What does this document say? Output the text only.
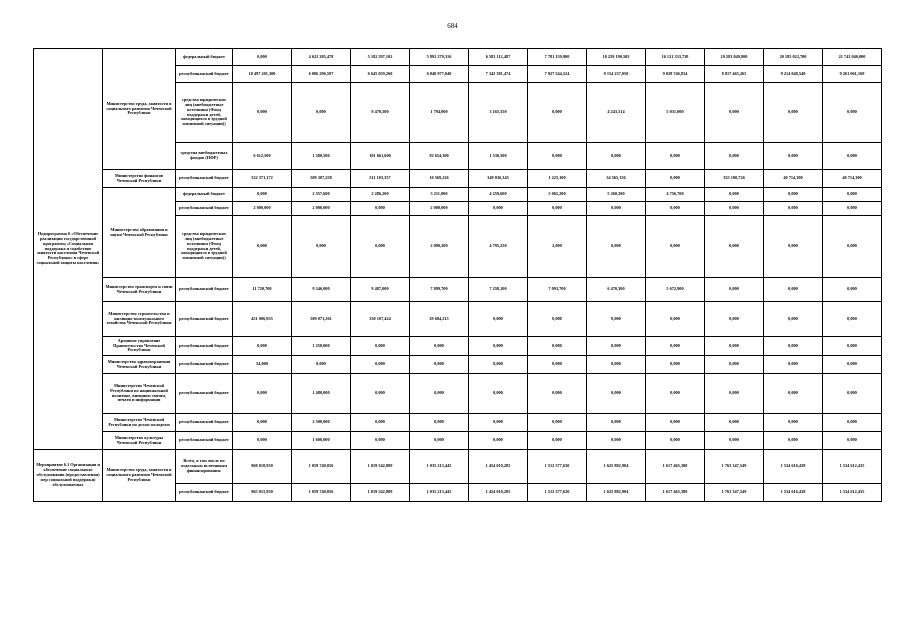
684
Подпрограмма 6 «Обеспечение реализации государственной программы «Социальная поддержка и содействие занятости населения Чеченской Республики» в сфере социальной защиты населения»	Министерство труда, занятости и социального развития Чеченской Республики	федеральный бюджет	0,000	4 622 205,478	5 182 597,102	5 892 279,316	6 583 112,487	7 781 159,900	10 259 190,505	16 121 333,738	19 283 049,800	20 185 023,700	21 743 040,000
		республиканский бюджет	10 497 201,300	6 006 296,597	6 645 059,260	6 040 977,040	7 342 381,474	7 927 544,524	9 154 237,050	9 029 746,834	8 817 465,265	9 214 048,540	9 261 061,169
		средства юридических лиц (внебюджетные источники (Фонд поддержки детей, находящихся в трудной жизненной ситуации))	0,000	0,000	0 470,500	1 794,000	3 165,350	0,000	4 243,314	5 031,000	0,000	0,000	0,000
		средства внебюджетных фондов (ПФР)	6 612,500	1 580,500	101 661,600	92 654,300	1 530,500	0,000	0,000	0,000	0,000	0,000	0,000
	Министерство финансов Чеченской Республики	республиканский бюджет	522 371,172	509 307,258	511 103,357	10 569,226	349 036,345	1 223,100	34 565,156	0,000	355 100,726	40 714,300	40 714,300
	Министерство образования и науки Чеченской Республики	федеральный бюджет	0,000	2 557,600	2 286,200	5 211,000	4 259,600	5 065,200	5 260,200	4 756,700	0,000	0,000	0,000
		республиканский бюджет	2 000,000	2 000,000	0,000	2 000,000	0,000	0,000	0,000	0,000	0,000	0,000	0,000
		средства юридических лиц (внебюджетные источники (Фонд поддержки детей, находящихся в трудной жизненной ситуации))	0,000	0,000	0,000	2 090,200	4 795,250	2,000	0,000	0,000	0,000	0,000	0,000
	Министерство транспорта и связи Чеченской Республики	республиканский бюджет	11 720,700	9 346,000	9 487,000	7 899,700	7 258,100	7 093,700	6 470,300	5 672,900	0,000	0,000	0,000
	Министерство строительства и жилищно-коммунального хозяйства Чеченской Республики	республиканский бюджет	451 006,955	509 071,261	330 107,424	29 604,215	0,000	0,000	0,000	0,000	0,000	0,000	0,000
	Архивное управление Правительства Чеченской Республики	республиканский бюджет	0,000	1 250,000	0,000	0,000	0,000	0,000	0,000	0,000	0,000	0,000	0,000
	Министерство здравоохранения Чеченской Республики	республиканский бюджет	54,000	0,000	0,000	0,000	0,000	0,000	0,000	0,000	0,000	0,000	0,000
	Министерство Чеченской Республики по национальной политике, внешним связям, печати и информации	республиканский бюджет	0,000	1 480,000	0,000	0,000	0,000	0,000	0,000	0,000	0,000	0,000	0,000
	Министерство Чеченской Республики по делам молодежи	республиканский бюджет	0,000	2 500,000	0,000	0,000	0,000	0,000	0,000	0,000	0,000	0,000	0,000
	Министерство культуры Чеченской Республики	республиканский бюджет	0,000	1 600,000	0,000	0,000	0,000	0,000	0,000	0,000	0,000	0,000	0,000
Мероприятие 6.1 Организация и обеспечение социального обслуживания (предоставления) мер социальной поддержки) обслуживаемых	Министерство труда, занятости и социального развития Чеченской Республики	Всего, в том числе по отдельным источникам финансирования:	968 018,950	1 059 740,056	1 019 542,809	1 035 213,445	1 454 010,285	1 512 577,630	1 625 882,904	1 617 465,380	1 763 347,549	1 534 616,438	1 534 612,435
		республиканский бюджет	965 015,950	1 059 740,056	1 019 542,809	1 035 213,445	1 454 010,285	1 512 577,630	1 625 882,904	1 617 465,380	1 763 347,549	1 534 616,438	1 534 612,435
